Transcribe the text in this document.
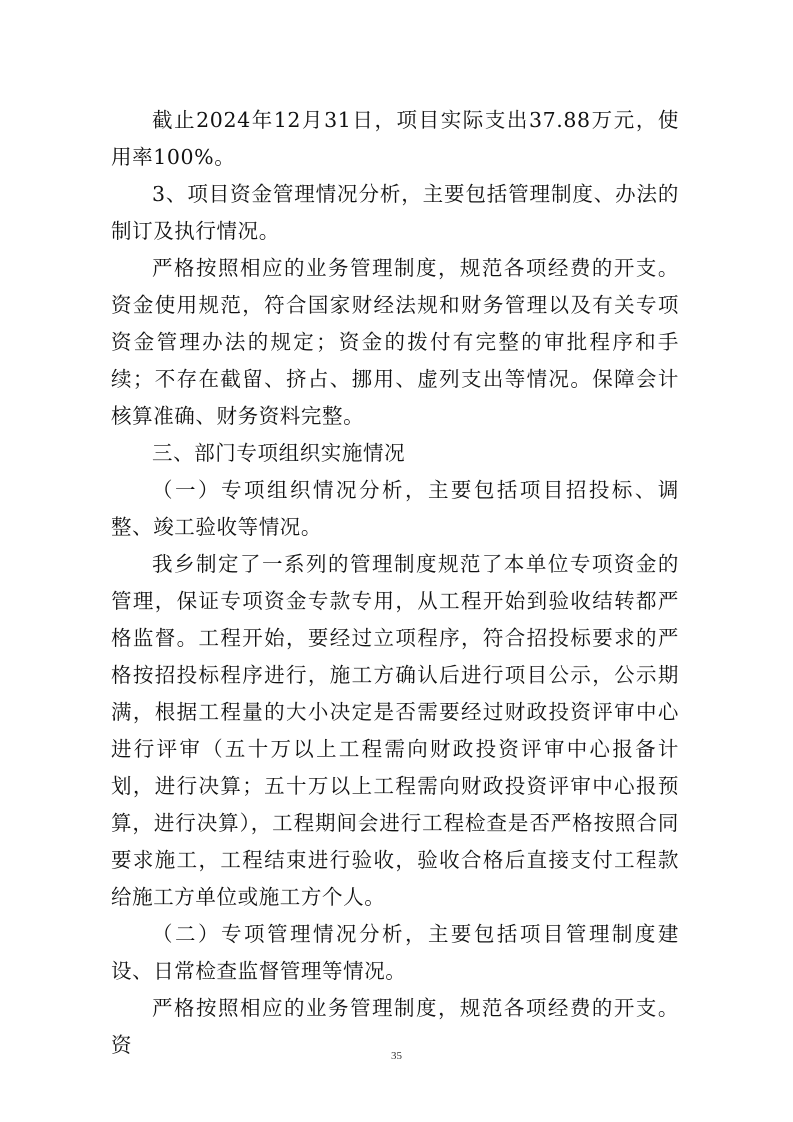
截止2024年12月31日，项目实际支出37.88万元，使用率100%。

3、项目资金管理情况分析，主要包括管理制度、办法的制订及执行情况。

严格按照相应的业务管理制度，规范各项经费的开支。资金使用规范，符合国家财经法规和财务管理以及有关专项资金管理办法的规定；资金的拨付有完整的审批程序和手续；不存在截留、挤占、挪用、虚列支出等情况。保障会计核算准确、财务资料完整。

三、部门专项组织实施情况

（一）专项组织情况分析，主要包括项目招投标、调整、竣工验收等情况。

我乡制定了一系列的管理制度规范了本单位专项资金的管理，保证专项资金专款专用，从工程开始到验收结转都严格监督。工程开始，要经过立项程序，符合招投标要求的严格按招投标程序进行，施工方确认后进行项目公示，公示期满，根据工程量的大小决定是否需要经过财政投资评审中心进行评审（五十万以上工程需向财政投资评审中心报备计划，进行决算；五十万以上工程需向财政投资评审中心报预算，进行决算），工程期间会进行工程检查是否严格按照合同要求施工，工程结束进行验收，验收合格后直接支付工程款给施工方单位或施工方个人。

（二）专项管理情况分析，主要包括项目管理制度建设、日常检查监督管理等情况。

严格按照相应的业务管理制度，规范各项经费的开支。资	35
